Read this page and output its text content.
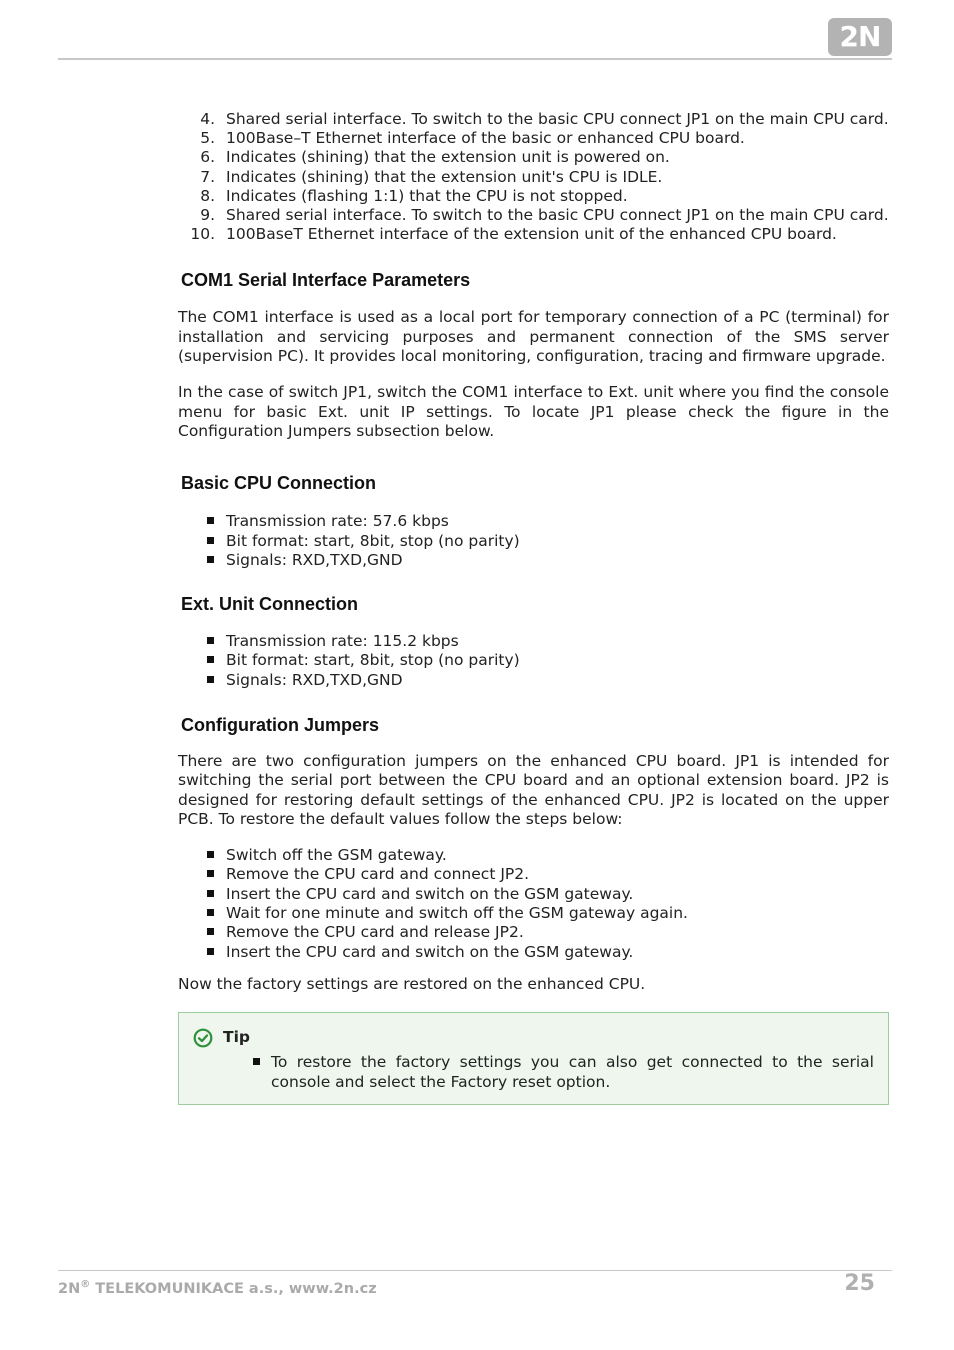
2N
4. Shared serial interface. To switch to the basic CPU connect JP1 on the main CPU card.
5. 100Base–T Ethernet interface of the basic or enhanced CPU board.
6. Indicates (shining) that the extension unit is powered on.
7. Indicates (shining) that the extension unit's CPU is IDLE.
8. Indicates (flashing 1:1) that the CPU is not stopped.
9. Shared serial interface. To switch to the basic CPU connect JP1 on the main CPU card.
10. 100BaseT Ethernet interface of the extension unit of the enhanced CPU board.
COM1 Serial Interface Parameters

The COM1 interface is used as a local port for temporary connection of a PC (terminal) for installation and servicing purposes and permanent connection of the SMS server (supervision PC). It provides local monitoring, configuration, tracing and firmware upgrade.

In the case of switch JP1, switch the COM1 interface to Ext. unit where you find the console menu for basic Ext. unit IP settings. To locate JP1 please check the figure in the Configuration Jumpers subsection below.

Basic CPU Connection
Transmission rate: 57.6 kbps
Bit format: start, 8bit, stop (no parity)
Signals: RXD,TXD,GND
Ext. Unit Connection
Transmission rate: 115.2 kbps
Bit format: start, 8bit, stop (no parity)
Signals: RXD,TXD,GND
Configuration Jumpers

There are two configuration jumpers on the enhanced CPU board. JP1 is intended for switching the serial port between the CPU board and an optional extension board. JP2 is designed for restoring default settings of the enhanced CPU. JP2 is located on the upper PCB. To restore the default values follow the steps below:

Switch off the GSM gateway.
Remove the CPU card and connect JP2.
Insert the CPU card and switch on the GSM gateway.
Wait for one minute and switch off the GSM gateway again.
Remove the CPU card and release JP2.
Insert the CPU card and switch on the GSM gateway.

Now the factory settings are restored on the enhanced CPU.

Tip
To restore the factory settings you can also get connected to the serial console and select the Factory reset option.
2N® TELEKOMUNIKACE a.s., www.2n.cz	25
